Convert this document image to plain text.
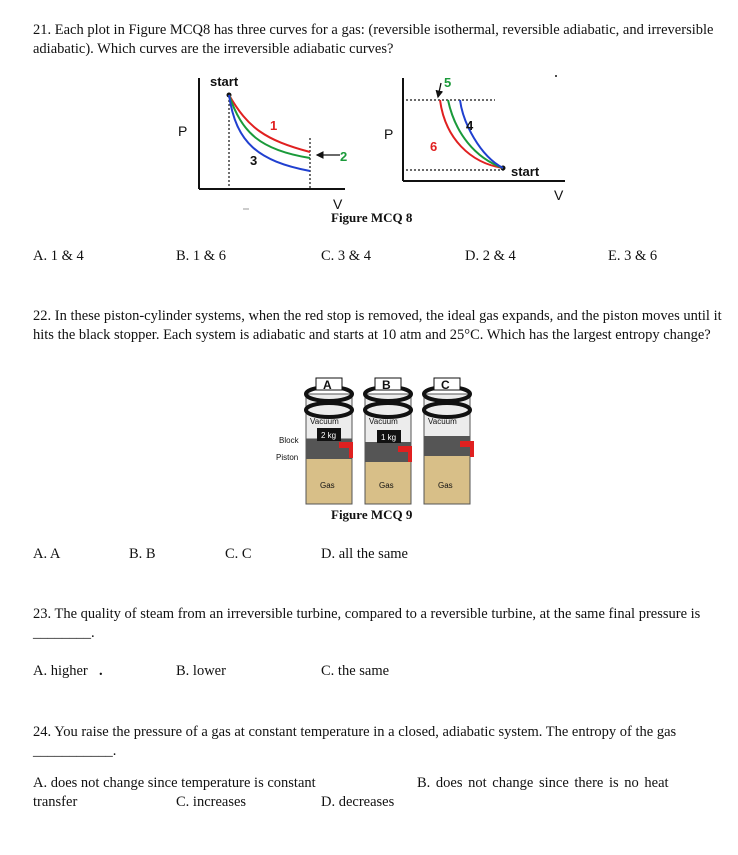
21. Each plot in Figure MCQ8 has three curves for a gas: (reversible isothermal, reversible adiabatic, and irreversible adiabatic). Which curves are the irreversible adiabatic curves?
start
P
V
1
2
3
P
V
start
4
5
6
Figure MCQ 8
A. 1 & 4	B. 1 & 6	C. 3 & 4	D. 2 & 4	E. 3 & 6
22. In these piston-cylinder systems, when the red stop is removed, the ideal gas expands, and the piston moves until it hits the black stopper. Each system is adiabatic and starts at 10 atm and 25°C. Which has the largest entropy change?
A	B	C
Vacuum	Vacuum	Vacuum
2 kg	1 kg
Gas	Gas	Gas
Block
Piston
Figure MCQ 9
A. A	B. B	C. C	D. all the same
23. The quality of steam from an irreversible turbine, compared to a reversible turbine, at the same final pressure is ________.
A. higher .	B. lower	C. the same
24. You raise the pressure of a gas at constant temperature in a closed, adiabatic system. The entropy of the gas ___________.
A. does not change since temperature is constant	B. does not change since there is no heat
transfer	C. increases	D. decreases
